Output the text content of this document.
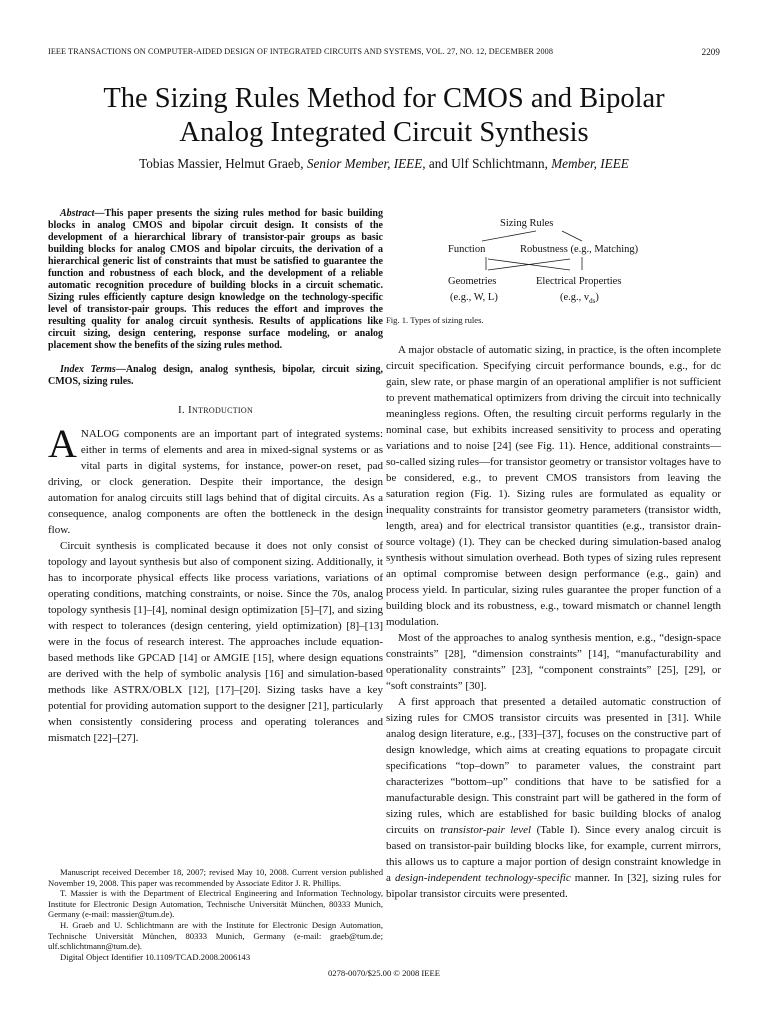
IEEE TRANSACTIONS ON COMPUTER-AIDED DESIGN OF INTEGRATED CIRCUITS AND SYSTEMS, VOL. 27, NO. 12, DECEMBER 2008	2209
The Sizing Rules Method for CMOS and Bipolar
Analog Integrated Circuit Synthesis
Tobias Massier, Helmut Graeb, Senior Member, IEEE, and Ulf Schlichtmann, Member, IEEE
Abstract—This paper presents the sizing rules method for basic building blocks in analog CMOS and bipolar circuit design. It consists of the development of a hierarchical library of transistor-pair groups as basic building blocks for analog CMOS and bipolar circuits, the derivation of a hierarchical generic list of constraints that must be satisfied to guarantee the function and robustness of each block, and the development of a reliable automatic recognition procedure of building blocks in a circuit schematic. Sizing rules efficiently capture design knowledge on the technology-specific level of transistor-pair groups. This reduces the effort and improves the resulting quality for analog circuit synthesis. Results of applications like circuit sizing, design centering, response surface modeling, or analog placement show the benefits of the sizing rules method.
Index Terms—Analog design, analog synthesis, bipolar, circuit sizing, CMOS, sizing rules.
I. Introduction

ANALOG components are an important part of integrated systems: either in terms of elements and area in mixed-signal systems or as vital parts in digital systems, for instance, power-on reset, pad driving, or clock generation. Despite their importance, the design automation for analog circuits still lags behind that of digital circuits. As a consequence, analog components are often the bottleneck in the design flow.

Circuit synthesis is complicated because it does not only consist of topology and layout synthesis but also of component sizing. Additionally, it has to incorporate physical effects like process variations, variations of operating conditions, matching constraints, or noise. Since the 70s, analog topology synthesis [1]–[4], nominal design optimization [5]–[7], and sizing with respect to tolerances (design centering, yield optimization) [8]–[13] were in the focus of research interest. The approaches include equation-based methods like GPCAD [14] or AMGIE [15], where design equations are derived with the help of symbolic analysis [16] and simulation-based methods like ASTRX/OBLX [12], [17]–[20]. Sizing tasks have a key potential for providing automation support to the designer [21], particularly when consistently considering process and operating tolerances and mismatch [22]–[27].

Manuscript received December 18, 2007; revised May 10, 2008. Current version published November 19, 2008. This paper was recommended by Associate Editor J. R. Phillips.

T. Massier is with the Department of Electrical Engineering and Information Technology, Institute for Electronic Design Automation, Technische Universität München, 80333 Munich, Germany (e-mail: massier@tum.de).

H. Graeb and U. Schlichtmann are with the Institute for Electronic Design Automation, Technische Universität München, 80333 Munich, Germany (e-mail: graeb@tum.de; ulf.schlichtmann@tum.de).

Digital Object Identifier 10.1109/TCAD.2008.2006143

Sizing Rules
Function	Robustness (e.g., Matching)
Geometries	Electrical Properties
(e.g., W, L)	(e.g., $v_{ds}$)
Fig. 1. Types of sizing rules.

A major obstacle of automatic sizing, in practice, is the often incomplete circuit specification. Specifying circuit performance bounds, e.g., for dc gain, slew rate, or phase margin of an operational amplifier is not sufficient to prevent mathematical optimizers from driving the circuit into technically meaningless regions. Often, the resulting circuit performs regularly in the nominal case, but exhibits increased sensitivity to process and operating variations and to noise [24] (see Fig. 11). Hence, additional constraints—so-called sizing rules—for transistor geometry or transistor voltages have to be considered, e.g., to prevent CMOS transistors from leaving the saturation region (Fig. 1). Sizing rules are formulated as equality or inequality constraints for transistor geometry parameters (transistor width, length, area) and for electrical transistor quantities (e.g., transistor drain-source voltage) (1). They can be checked during simulation-based analog synthesis without simulation overhead. Both types of sizing rules represent an optimal compromise between design performance (e.g., gain) and process yield. In particular, sizing rules guarantee the proper function of a building block and its robustness, e.g., toward mismatch or channel length modulation.

Most of the approaches to analog synthesis mention, e.g., “design-space constraints” [28], “dimension constraints” [14], “manufacturability and operationality constraints” [23], “component constraints” [25], [29], or “soft constraints” [30].

A first approach that presented a detailed automatic construction of sizing rules for CMOS transistor circuits was presented in [31]. While analog design literature, e.g., [33]–[37], focuses on the constructive part of design knowledge, which aims at creating equations to propagate circuit specifications “top–down” to parameter values, the constraint part characterizes “bottom–up” conditions that have to be satisfied for a manufacturable design. This constraint part will be gathered in the form of sizing rules, which are established for basic building blocks of analog circuits on transistor-pair level (Table I). Since every analog circuit is based on transistor-pair building blocks like, for example, current mirrors, this allows us to capture a major portion of design constraint knowledge in a design-independent technology-specific manner. In [32], sizing rules for bipolar transistor circuits were presented.

0278-0070/$25.00 © 2008 IEEE
